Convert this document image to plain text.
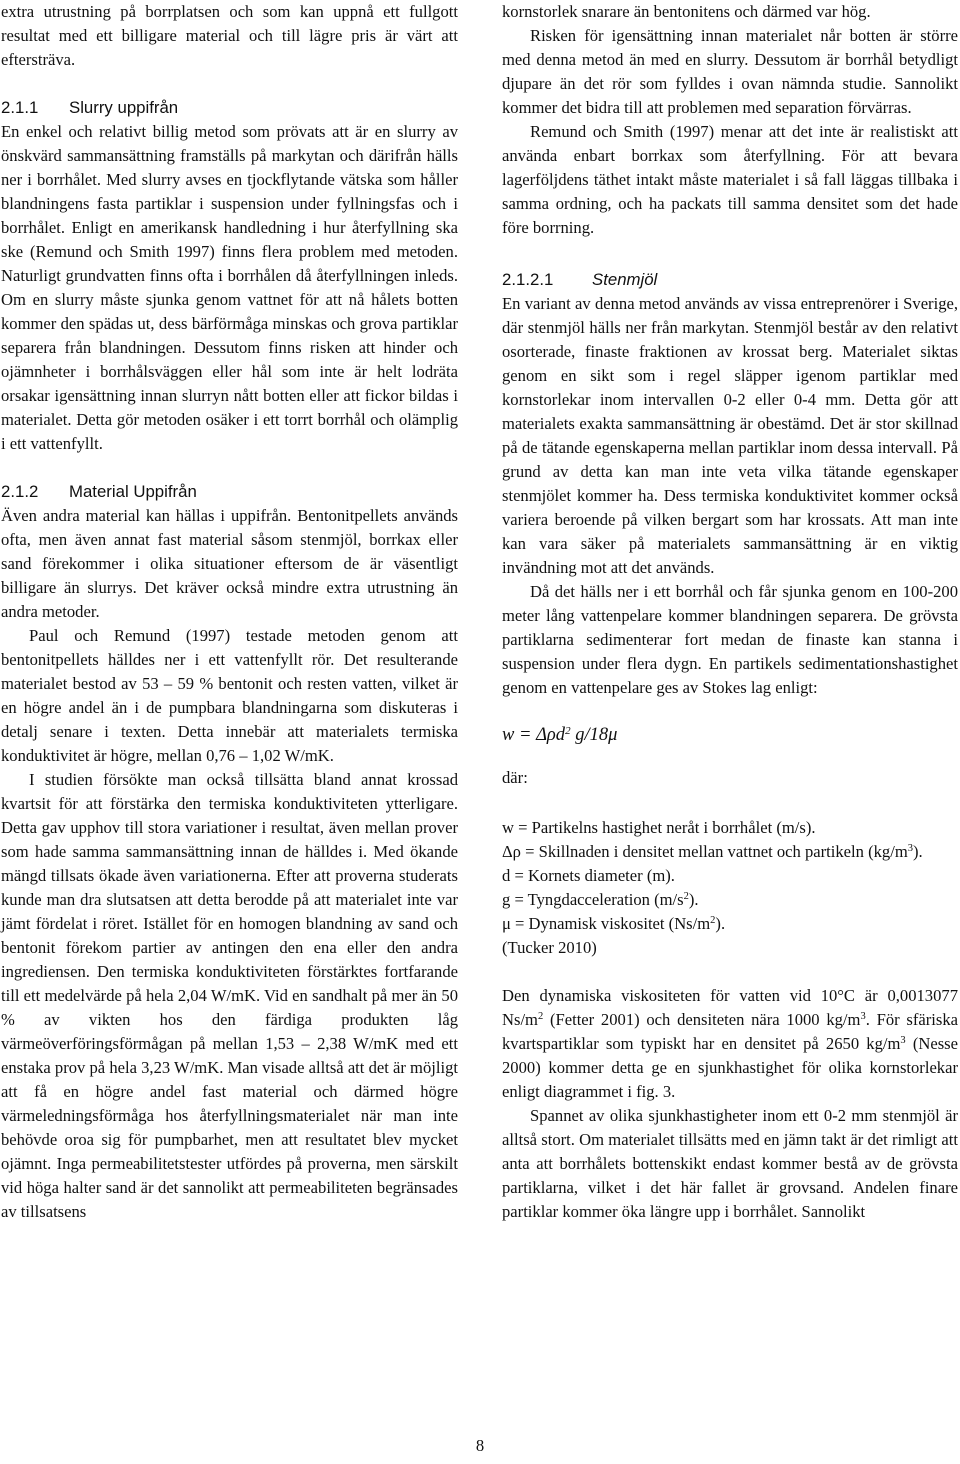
extra utrustning på borrplatsen och som kan uppnå ett fullgott resultat med ett billigare material och till lägre pris är värt att eftersträva.

2.1.1 Slurry uppifrån

En enkel och relativt billig metod som prövats att är en slurry av önskvärd sammansättning framställs på markytan och därifrån hälls ner i borrhålet. Med slurry avses en tjockflytande vätska som håller blandningens fasta partiklar i suspension under fyllningsfas och i borrhålet. Enligt en amerikansk handledning i hur återfyllning ska ske (Remund och Smith 1997) finns flera problem med metoden. Naturligt grundvatten finns ofta i borrhålen då återfyllningen inleds. Om en slurry måste sjunka genom vattnet för att nå hålets botten kommer den spädas ut, dess bärförmåga minskas och grova partiklar separera från blandningen. Dessutom finns risken att hinder och ojämnheter i borrhålsväggen eller hål som inte är helt lodräta orsakar igensättning innan slurryn nått botten eller att fickor bildas i materialet. Detta gör metoden osäker i ett torrt borrhål och olämplig i ett vattenfyllt.

2.1.2 Material Uppifrån

Även andra material kan hällas i uppifrån. Bentonitpellets används ofta, men även annat fast material såsom stenmjöl, borrkax eller sand förekommer i olika situationer eftersom de är väsentligt billigare än slurrys. Det kräver också mindre extra utrustning än andra metoder.

Paul och Remund (1997) testade metoden genom att bentonitpellets hälldes ner i ett vattenfyllt rör. Det resulterande materialet bestod av 53 – 59 % bentonit och resten vatten, vilket är en högre andel än i de pumpbara blandningarna som diskuteras i detalj senare i texten. Detta innebär att materialets termiska konduktivitet är högre, mellan 0,76 – 1,02 W/mK.

I studien försökte man också tillsätta bland annat krossad kvartsit för att förstärka den termiska konduktiviteten ytterligare. Detta gav upphov till stora variationer i resultat, även mellan prover som hade samma sammansättning innan de hälldes i. Med ökande mängd tillsats ökade även variationerna. Efter att proverna studerats kunde man dra slutsatsen att detta berodde på att materialet inte var jämt fördelat i röret. Istället för en homogen blandning av sand och bentonit förekom partier av antingen den ena eller den andra ingrediensen. Den termiska konduktiviteten förstärktes fortfarande till ett medelvärde på hela 2,04 W/mK. Vid en sandhalt på mer än 50 % av vikten hos den färdiga produkten låg värmeöverföringsförmågan på mellan 1,53 – 2,38 W/mK med ett enstaka prov på hela 3,23 W/mK. Man visade alltså att det är möjligt att få en högre andel fast material och därmed högre värmeledningsförmåga hos återfyllningsmaterialet när man inte behövde oroa sig för pumpbarhet, men att resultatet blev mycket ojämnt. Inga permeabilitetstester utfördes på proverna, men särskilt vid höga halter sand är det sannolikt att permeabiliteten begränsades av tillsatsens

kornstorlek snarare än bentonitens och därmed var hög.

Risken för igensättning innan materialet når botten är större med denna metod än med en slurry. Dessutom är borrhål betydligt djupare än det rör som fylldes i ovan nämnda studie. Sannolikt kommer det bidra till att problemen med separation förvärras.

Remund och Smith (1997) menar att det inte är realistiskt att använda enbart borrkax som återfyllning. För att bevara lagerföljdens täthet intakt måste materialet i så fall läggas tillbaka i samma ordning, och ha packats till samma densitet som det hade före borrning.

2.1.2.1 Stenmjöl

En variant av denna metod används av vissa entreprenörer i Sverige, där stenmjöl hälls ner från markytan. Stenmjöl består av den relativt osorterade, finaste fraktionen av krossat berg. Materialet siktas genom en sikt som i regel släpper igenom partiklar med kornstorlekar inom intervallen 0-2 eller 0-4 mm. Detta gör att materialets exakta sammansättning är obestämd. Det är stor skillnad på de tätande egenskaperna mellan partiklar inom dessa intervall. På grund av detta kan man inte veta vilka tätande egenskaper stenmjölet kommer ha. Dess termiska konduktivitet kommer också variera beroende på vilken bergart som har krossats. Att man inte kan vara säker på materialets sammansättning är en viktig invändning mot att det används.

Då det hälls ner i ett borrhål och får sjunka genom en 100-200 meter lång vattenpelare kommer blandningen separera. De grövsta partiklarna sedimenterar fort medan de finaste kan stanna i suspension under flera dygn. En partikels sedimentationshastighet genom en vattenpelare ges av Stokes lag enligt:

w = Δρd$^2$ g/18μ

där:

w = Partikelns hastighet neråt i borrhålet (m/s).

Δρ = Skillnaden i densitet mellan vattnet och partikeln $(kg/m^3)$.

d = Kornets diameter (m).

g = Tyngdacceleration $(m/s^2)$.

μ = Dynamisk viskositet $(Ns/m^2)$.

(Tucker 2010)

Den dynamiska viskositeten för vatten vid 10°C är 0,0013077 $Ns/m^2$ (Fetter 2001) och densiteten nära 1000 $kg/m^3$. För sfäriska kvartspartiklar som typiskt har en densitet på 2650 $kg/m^3$ (Nesse 2000) kommer detta ge en sjunkhastighet för olika kornstorlekar enligt diagrammet i fig. 3.

Spannet av olika sjunkhastigheter inom ett 0-2 mm stenmjöl är alltså stort. Om materialet tillsätts med en jämn takt är det rimligt att anta att borrhålets bottenskikt endast kommer bestå av de grövsta partiklarna, vilket i det här fallet är grovsand. Andelen finare partiklar kommer öka längre upp i borrhålet. Sannolikt

8
